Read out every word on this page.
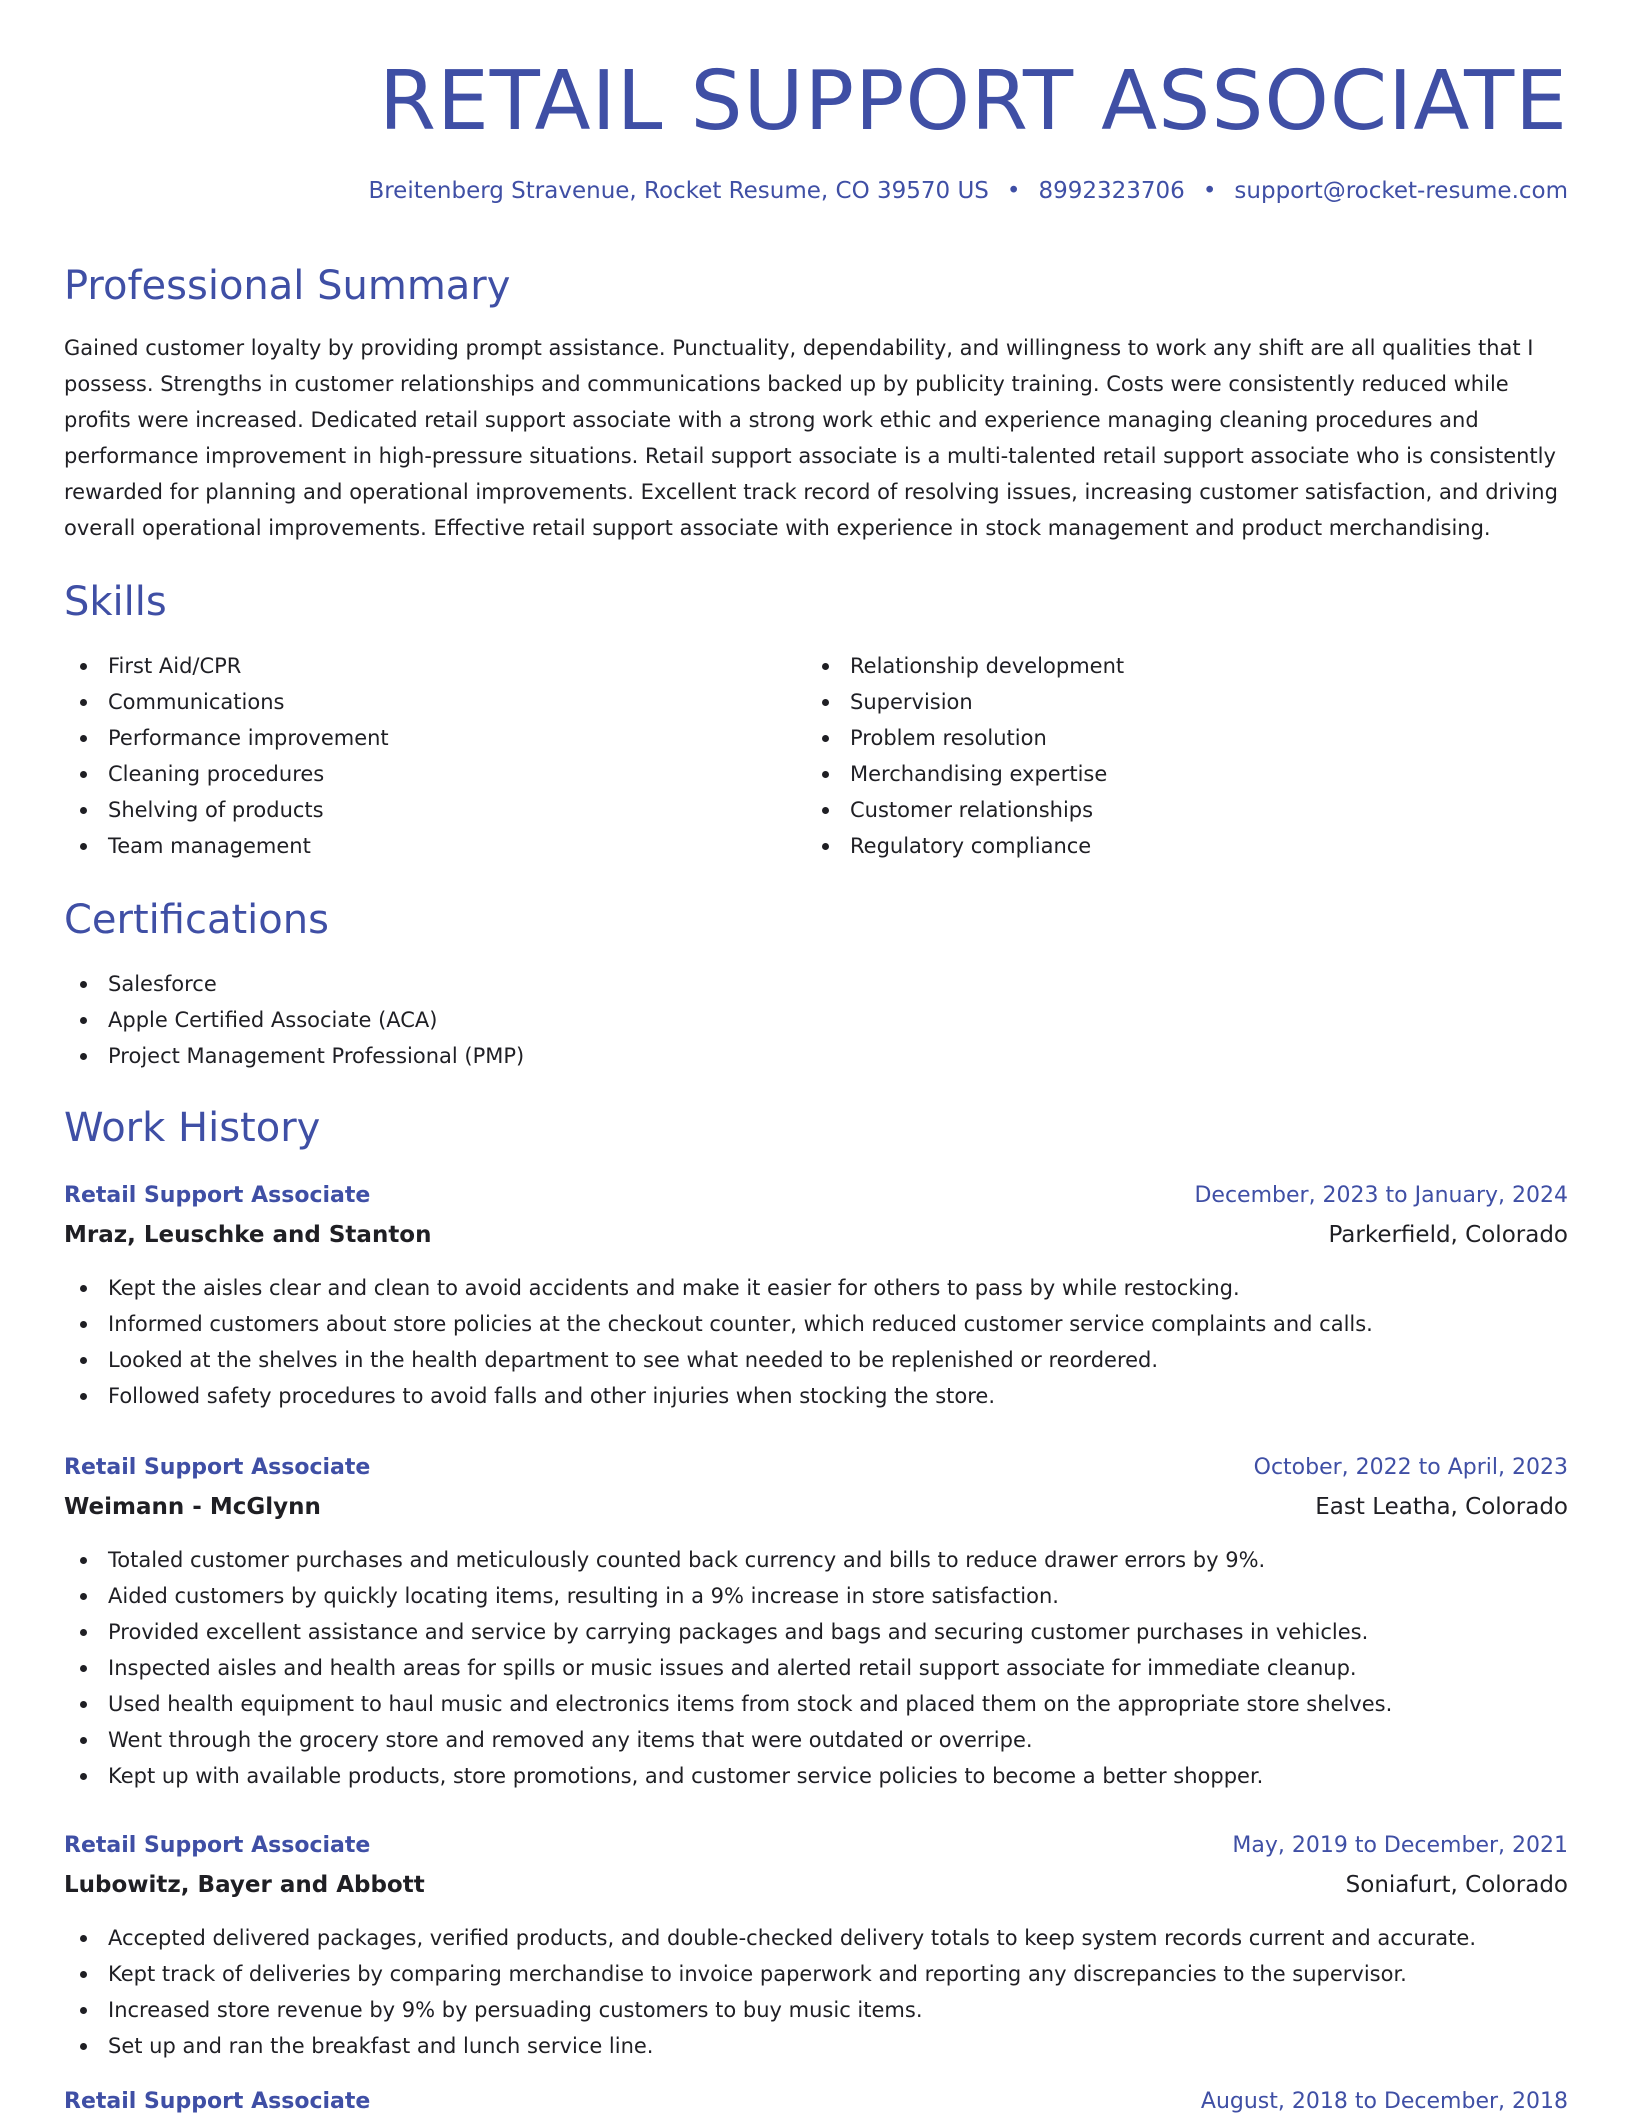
RETAIL SUPPORT ASSOCIATE
Breitenberg Stravenue, Rocket Resume, CO 39570 US • 8992323706 • support@rocket-resume.com
Professional Summary

Gained customer loyalty by providing prompt assistance. Punctuality, dependability, and willingness to work any shift are all qualities that I possess. Strengths in customer relationships and communications backed up by publicity training. Costs were consistently reduced while profits were increased. Dedicated retail support associate with a strong work ethic and experience managing cleaning procedures and performance improvement in high-pressure situations. Retail support associate is a multi-talented retail support associate who is consistently rewarded for planning and operational improvements. Excellent track record of resolving issues, increasing customer satisfaction, and driving overall operational improvements. Effective retail support associate with experience in stock management and product merchandising.

Skills
First Aid/CPR
Communications
Performance improvement
Cleaning procedures
Shelving of products
Team management
Relationship development
Supervision
Problem resolution
Merchandising expertise
Customer relationships
Regulatory compliance
Certifications
Salesforce
Apple Certified Associate (ACA)
Project Management Professional (PMP)
Work History
Retail Support Associate	December, 2023 to January, 2024
Mraz, Leuschke and Stanton	Parkerfield, Colorado
Kept the aisles clear and clean to avoid accidents and make it easier for others to pass by while restocking.
Informed customers about store policies at the checkout counter, which reduced customer service complaints and calls.
Looked at the shelves in the health department to see what needed to be replenished or reordered.
Followed safety procedures to avoid falls and other injuries when stocking the store.
Retail Support Associate	October, 2022 to April, 2023
Weimann - McGlynn	East Leatha, Colorado
Totaled customer purchases and meticulously counted back currency and bills to reduce drawer errors by 9%.
Aided customers by quickly locating items, resulting in a 9% increase in store satisfaction.
Provided excellent assistance and service by carrying packages and bags and securing customer purchases in vehicles.
Inspected aisles and health areas for spills or music issues and alerted retail support associate for immediate cleanup.
Used health equipment to haul music and electronics items from stock and placed them on the appropriate store shelves.
Went through the grocery store and removed any items that were outdated or overripe.
Kept up with available products, store promotions, and customer service policies to become a better shopper.
Retail Support Associate	May, 2019 to December, 2021
Lubowitz, Bayer and Abbott	Soniafurt, Colorado
Accepted delivered packages, verified products, and double-checked delivery totals to keep system records current and accurate.
Kept track of deliveries by comparing merchandise to invoice paperwork and reporting any discrepancies to the supervisor.
Increased store revenue by 9% by persuading customers to buy music items.
Set up and ran the breakfast and lunch service line.
Retail Support Associate	August, 2018 to December, 2018
